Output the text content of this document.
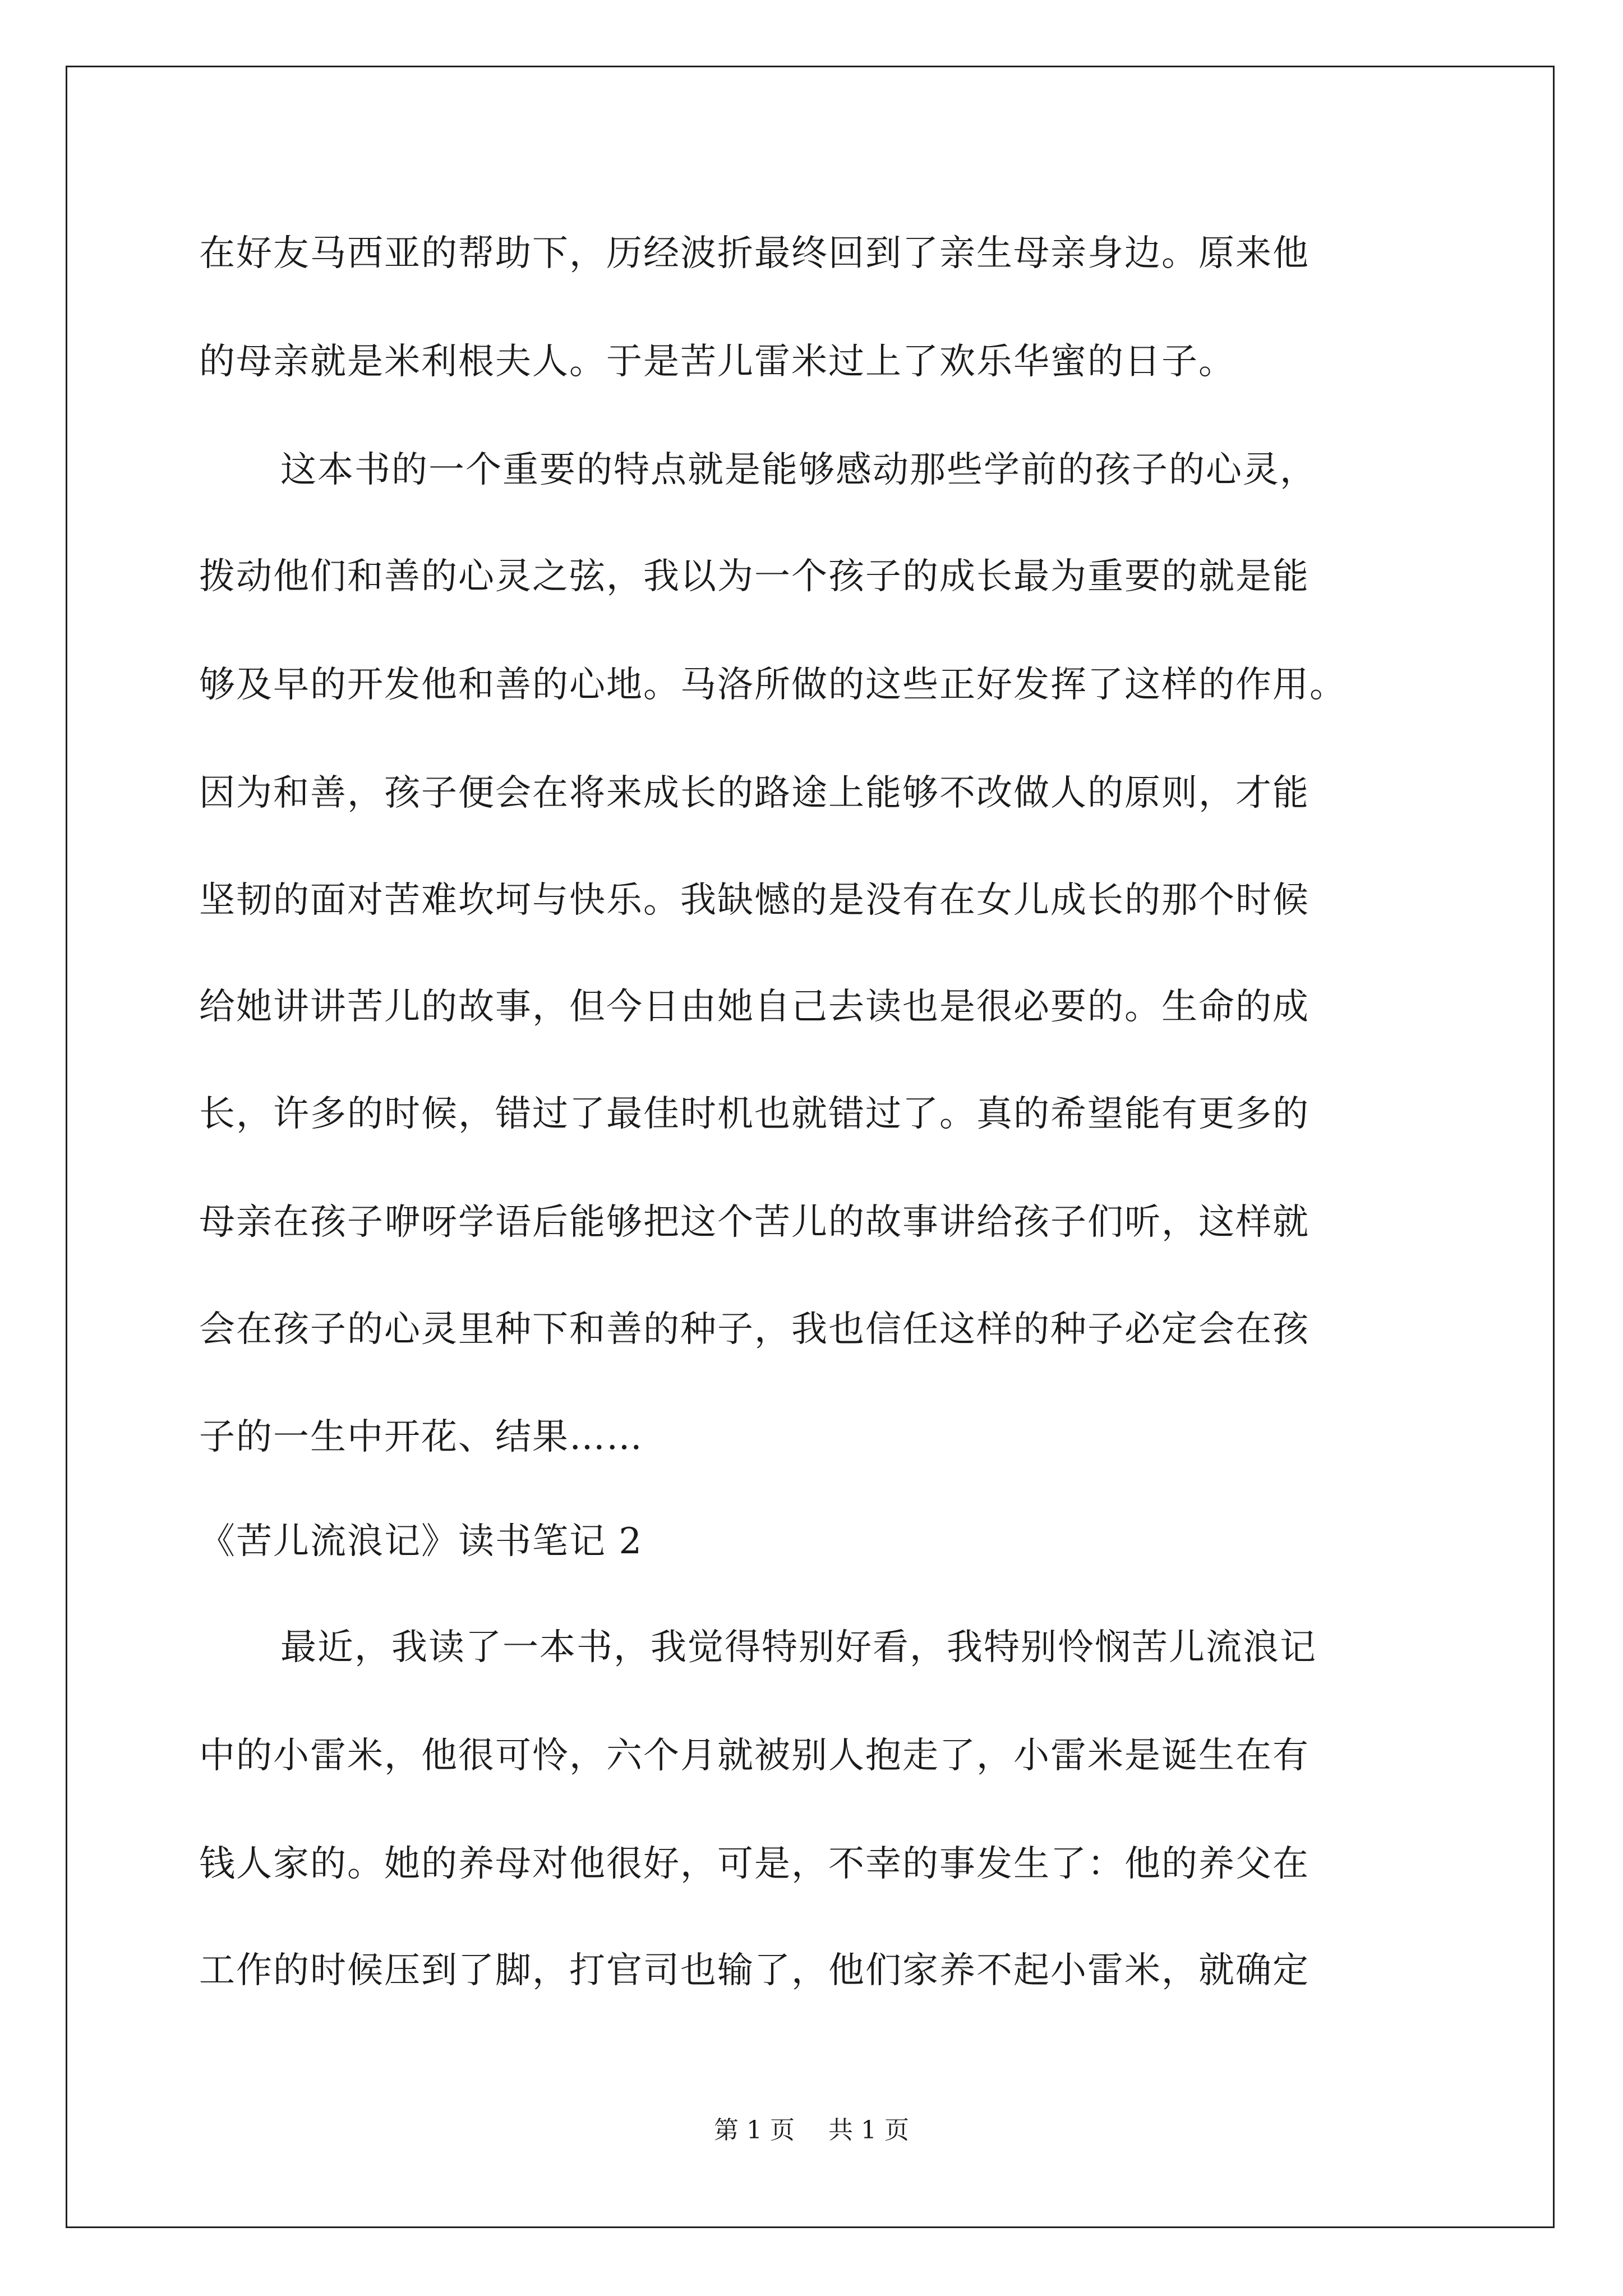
在好友马西亚的帮助下，历经波折最终回到了亲生母亲身边。原来他
的母亲就是米利根夫人。于是苦儿雷米过上了欢乐华蜜的日子。
这本书的一个重要的特点就是能够感动那些学前的孩子的心灵，
拨动他们和善的心灵之弦，我以为一个孩子的成长最为重要的就是能
够及早的开发他和善的心地。马洛所做的这些正好发挥了这样的作用。
因为和善，孩子便会在将来成长的路途上能够不改做人的原则，才能
坚韧的面对苦难坎坷与快乐。我缺憾的是没有在女儿成长的那个时候
给她讲讲苦儿的故事，但今日由她自己去读也是很必要的。生命的成
长，许多的时候，错过了最佳时机也就错过了。真的希望能有更多的
母亲在孩子咿呀学语后能够把这个苦儿的故事讲给孩子们听，这样就
会在孩子的心灵里种下和善的种子，我也信任这样的种子必定会在孩
子的一生中开花、结果……
《苦儿流浪记》读书笔记 2
最近，我读了一本书，我觉得特别好看，我特别怜悯苦儿流浪记
中的小雷米，他很可怜，六个月就被别人抱走了，小雷米是诞生在有
钱人家的。她的养母对他很好，可是，不幸的事发生了：他的养父在
工作的时候压到了脚，打官司也输了，他们家养不起小雷米，就确定
第 1 页 共 1 页
